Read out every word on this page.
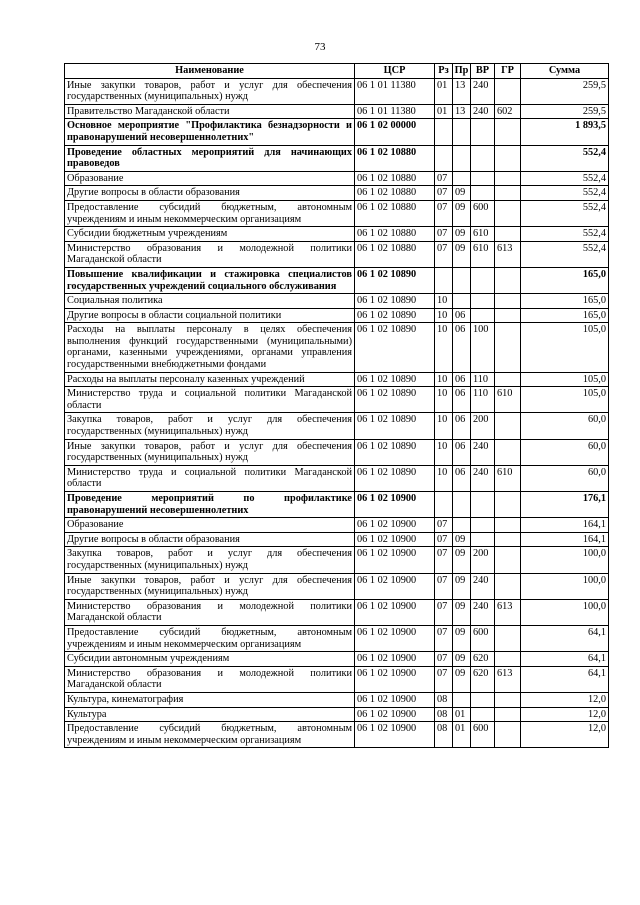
73
Наименование	ЦСР	Рз	Пр	ВР	ГР	Сумма
Иные закупки товаров, работ и услуг для обеспечения государственных (муниципальных) нужд	06 1 01 11380	01	13	240		259,5
Правительство Магаданской области	06 1 01 11380	01	13	240	602	259,5
Основное мероприятие "Профилактика безнадзорности и правонарушений несовершеннолетних"	06 1 02 00000					1 893,5
Проведение областных мероприятий для начинающих правоведов	06 1 02 10880					552,4
Образование	06 1 02 10880	07				552,4
Другие вопросы в области образования	06 1 02 10880	07	09			552,4
Предоставление субсидий бюджетным, автономным учреждениям и иным некоммерческим организациям	06 1 02 10880	07	09	600		552,4
Субсидии бюджетным учреждениям	06 1 02 10880	07	09	610		552,4
Министерство образования и молодежной политики Магаданской области	06 1 02 10880	07	09	610	613	552,4
Повышение квалификации и стажировка специалистов государственных учреждений социального обслуживания	06 1 02 10890					165,0
Социальная политика	06 1 02 10890	10				165,0
Другие вопросы в области социальной политики	06 1 02 10890	10	06			165,0
Расходы на выплаты персоналу в целях обеспечения выполнения функций государственными (муниципальными) органами, казенными учреждениями, органами управления государственными внебюджетными фондами	06 1 02 10890	10	06	100		105,0
Расходы на выплаты персоналу казенных учреждений	06 1 02 10890	10	06	110		105,0
Министерство труда и социальной политики Магаданской области	06 1 02 10890	10	06	110	610	105,0
Закупка товаров, работ и услуг для обеспечения государственных (муниципальных) нужд	06 1 02 10890	10	06	200		60,0
Иные закупки товаров, работ и услуг для обеспечения государственных (муниципальных) нужд	06 1 02 10890	10	06	240		60,0
Министерство труда и социальной политики Магаданской области	06 1 02 10890	10	06	240	610	60,0
Проведение мероприятий по профилактике правонарушений несовершеннолетних	06 1 02 10900					176,1
Образование	06 1 02 10900	07				164,1
Другие вопросы в области образования	06 1 02 10900	07	09			164,1
Закупка товаров, работ и услуг для обеспечения государственных (муниципальных) нужд	06 1 02 10900	07	09	200		100,0
Иные закупки товаров, работ и услуг для обеспечения государственных (муниципальных) нужд	06 1 02 10900	07	09	240		100,0
Министерство образования и молодежной политики Магаданской области	06 1 02 10900	07	09	240	613	100,0
Предоставление субсидий бюджетным, автономным учреждениям и иным некоммерческим организациям	06 1 02 10900	07	09	600		64,1
Субсидии автономным учреждениям	06 1 02 10900	07	09	620		64,1
Министерство образования и молодежной политики Магаданской области	06 1 02 10900	07	09	620	613	64,1
Культура, кинематография	06 1 02 10900	08				12,0
Культура	06 1 02 10900	08	01			12,0
Предоставление субсидий бюджетным, автономным учреждениям и иным некоммерческим организациям	06 1 02 10900	08	01	600		12,0
